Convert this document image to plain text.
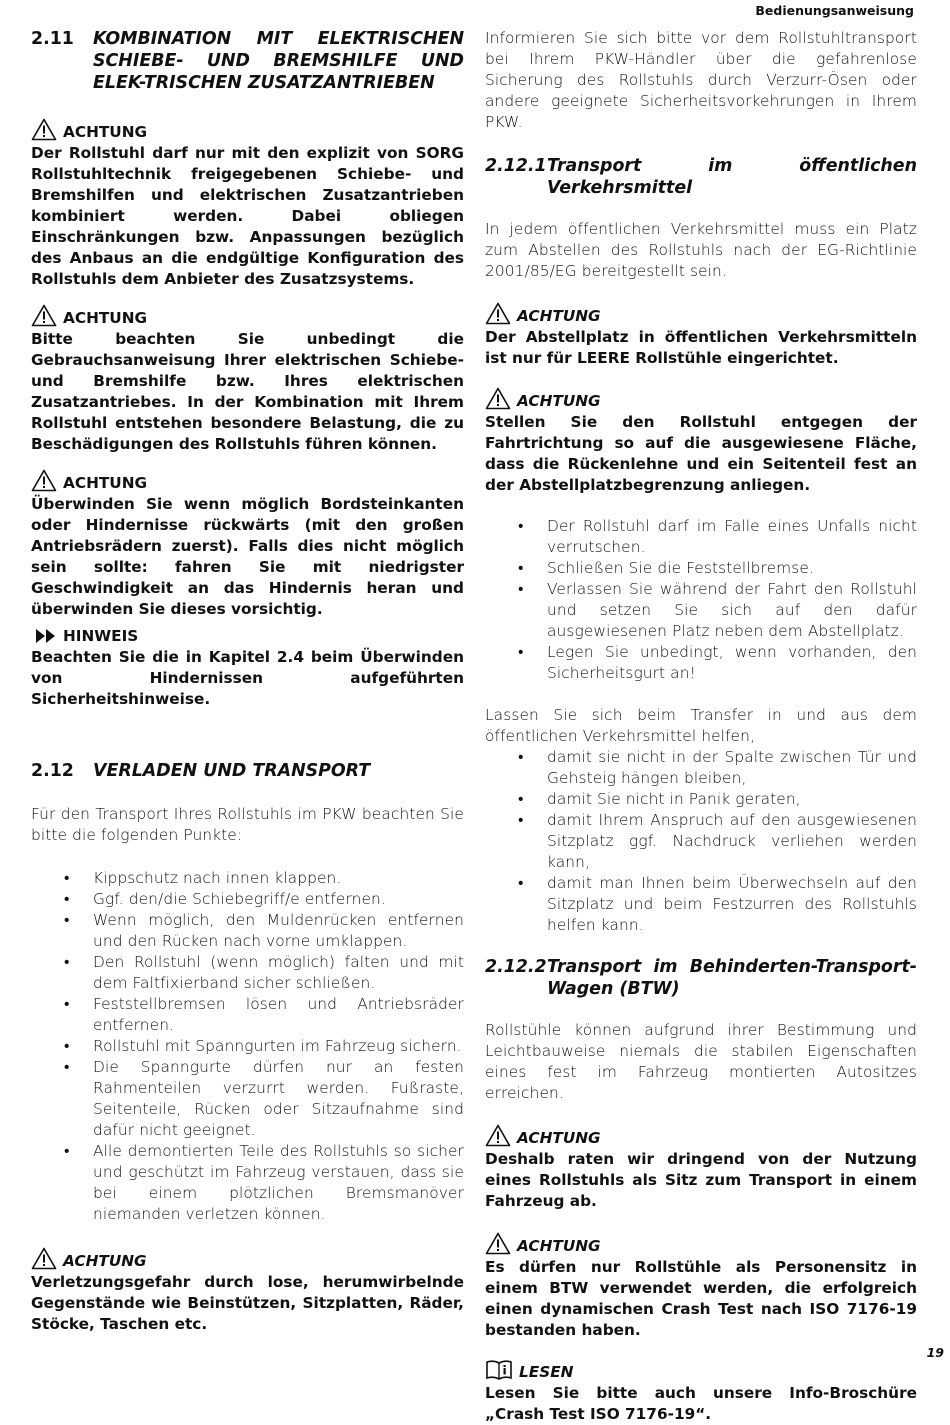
Bedienungsanweisung
2.11	KOMBINATION MIT ELEKTRISCHEN SCHIEBE- UND BREMSHILFE UND ELEK-TRISCHEN ZUSATZANTRIEBEN
ACHTUNG

Der Rollstuhl darf nur mit den explizit von SORG Rollstuhltechnik freigegebenen Schiebe- und Bremshilfen und elektrischen Zusatzantrieben kombiniert werden. Dabei obliegen Einschränkungen bzw. Anpassungen bezüglich des Anbaus an die endgültige Konfiguration des Rollstuhls dem Anbieter des Zusatzsystems.

ACHTUNG

Bitte beachten Sie unbedingt die Gebrauchsanweisung Ihrer elektrischen Schiebe- und Bremshilfe bzw. Ihres elektrischen Zusatzantriebes. In der Kombination mit Ihrem Rollstuhl entstehen besondere Belastung, die zu Beschädigungen des Rollstuhls führen können.

ACHTUNG

Überwinden Sie wenn möglich Bordsteinkanten oder Hindernisse rückwärts (mit den großen Antriebsrädern zuerst). Falls dies nicht möglich sein sollte: fahren Sie mit niedrigster Geschwindigkeit an das Hindernis heran und überwinden Sie dieses vorsichtig.

HINWEIS

Beachten Sie die in Kapitel 2.4 beim Überwinden von Hindernissen aufgeführten Sicherheitshinweise.

2.12	VERLADEN UND TRANSPORT

Für den Transport Ihres Rollstuhls im PKW beachten Sie bitte die folgenden Punkte:

• Kippschutz nach innen klappen.
• Ggf. den/die Schiebegriff/e entfernen.
• Wenn möglich, den Muldenrücken entfernen und den Rücken nach vorne umklappen.
• Den Rollstuhl (wenn möglich) falten und mit dem Faltfixierband sicher schließen.
• Feststellbremsen lösen und Antriebsräder entfernen.
• Rollstuhl mit Spanngurten im Fahrzeug sichern.
• Die Spanngurte dürfen nur an festen Rahmenteilen verzurrt werden. Fußraste, Seitenteile, Rücken oder Sitzaufnahme sind dafür nicht geeignet.
• Alle demontierten Teile des Rollstuhls so sicher und geschützt im Fahrzeug verstauen, dass sie bei einem plötzlichen Bremsmanöver niemanden verletzen können.
ACHTUNG

Verletzungsgefahr durch lose, herumwirbelnde Gegenstände wie Beinstützen, Sitzplatten, Räder, Stöcke, Taschen etc.

Informieren Sie sich bitte vor dem Rollstuhltransport bei Ihrem PKW-Händler über die gefahrenlose Sicherung des Rollstuhls durch Verzurr-Ösen oder andere geeignete Sicherheitsvorkehrungen in Ihrem PKW.

2.12.1 Transport im öffentlichen Verkehrsmittel

In jedem öffentlichen Verkehrsmittel muss ein Platz zum Abstellen des Rollstuhls nach der EG-Richtlinie 2001/85/EG bereitgestellt sein.

ACHTUNG

Der Abstellplatz in öffentlichen Verkehrsmitteln ist nur für LEERE Rollstühle eingerichtet.

ACHTUNG

Stellen Sie den Rollstuhl entgegen der Fahrtrichtung so auf die ausgewiesene Fläche, dass die Rückenlehne und ein Seitenteil fest an der Abstellplatzbegrenzung anliegen.

• Der Rollstuhl darf im Falle eines Unfalls nicht verrutschen.
• Schließen Sie die Feststellbremse.
• Verlassen Sie während der Fahrt den Rollstuhl und setzen Sie sich auf den dafür ausgewiesenen Platz neben dem Abstellplatz.
• Legen Sie unbedingt, wenn vorhanden, den Sicherheitsgurt an!

Lassen Sie sich beim Transfer in und aus dem öffentlichen Verkehrsmittel helfen,

• damit sie nicht in der Spalte zwischen Tür und Gehsteig hängen bleiben,
• damit Sie nicht in Panik geraten,
• damit Ihrem Anspruch auf den ausgewiesenen Sitzplatz ggf. Nachdruck verliehen werden kann,
• damit man Ihnen beim Überwechseln auf den Sitzplatz und beim Festzurren des Rollstuhls helfen kann.
2.12.2 Transport im Behinderten-Transport-Wagen (BTW)

Rollstühle können aufgrund ihrer Bestimmung und Leichtbauweise niemals die stabilen Eigenschaften eines fest im Fahrzeug montierten Autositzes erreichen.

ACHTUNG

Deshalb raten wir dringend von der Nutzung eines Rollstuhls als Sitz zum Transport in einem Fahrzeug ab.

ACHTUNG

Es dürfen nur Rollstühle als Personensitz in einem BTW verwendet werden, die erfolgreich einen dynamischen Crash Test nach ISO 7176-19 bestanden haben.

LESEN

Lesen Sie bitte auch unsere Info-Broschüre „Crash Test ISO 7176-19“.

19
